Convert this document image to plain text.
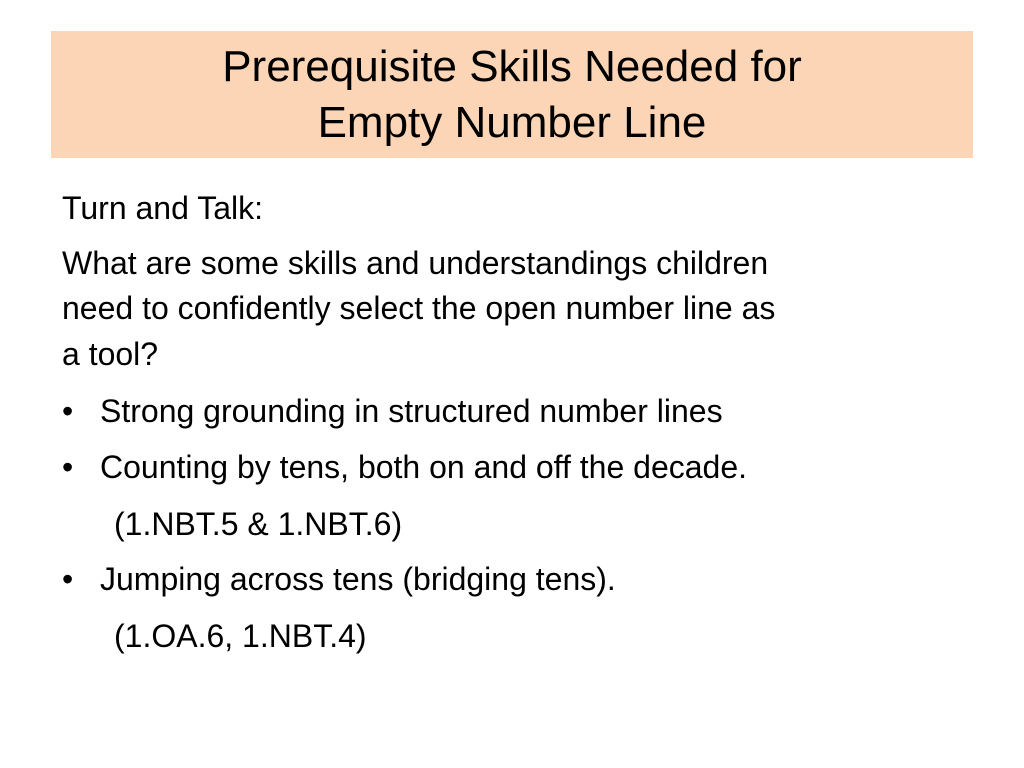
Prerequisite Skills Needed for
Empty Number Line
Turn and Talk:
What are some skills and understandings children
need to confidently select the open number line as
a tool?
• Strong grounding in structured number lines
• Counting by tens, both on and off the decade.
(1.NBT.5 & 1.NBT.6)
• Jumping across tens (bridging tens).
(1.OA.6, 1.NBT.4)
